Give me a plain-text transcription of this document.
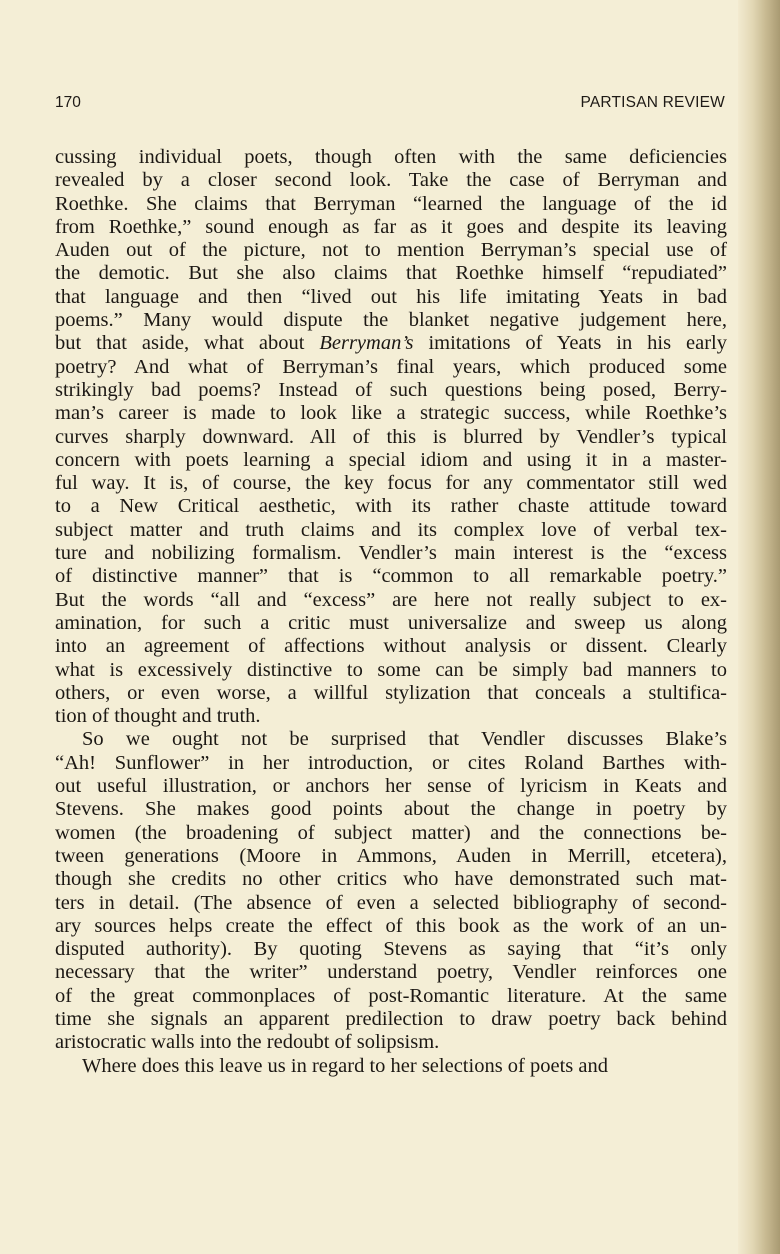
170	PARTISAN REVIEW
cussing individual poets, though often with the same deficiencies
revealed by a closer second look. Take the case of Berryman and
Roethke. She claims that Berryman “learned the language of the id
from Roethke,” sound enough as far as it goes and despite its leaving
Auden out of the picture, not to mention Berryman’s special use of
the demotic. But she also claims that Roethke himself “repudiated”
that language and then “lived out his life imitating Yeats in bad
poems.” Many would dispute the blanket negative judgement here,
but that aside, what about Berryman’s imitations of Yeats in his early
poetry? And what of Berryman’s final years, which produced some
strikingly bad poems? Instead of such questions being posed, Berry-
man’s career is made to look like a strategic success, while Roethke’s
curves sharply downward. All of this is blurred by Vendler’s typical
concern with poets learning a special idiom and using it in a master-
ful way. It is, of course, the key focus for any commentator still wed
to a New Critical aesthetic, with its rather chaste attitude toward
subject matter and truth claims and its complex love of verbal tex-
ture and nobilizing formalism. Vendler’s main interest is the “excess
of distinctive manner” that is “common to all remarkable poetry.”
But the words “all and “excess” are here not really subject to ex-
amination, for such a critic must universalize and sweep us along
into an agreement of affections without analysis or dissent. Clearly
what is excessively distinctive to some can be simply bad manners to
others, or even worse, a willful stylization that conceals a stultifica-
tion of thought and truth.
So we ought not be surprised that Vendler discusses Blake’s
“Ah! Sunflower” in her introduction, or cites Roland Barthes with-
out useful illustration, or anchors her sense of lyricism in Keats and
Stevens. She makes good points about the change in poetry by
women (the broadening of subject matter) and the connections be-
tween generations (Moore in Ammons, Auden in Merrill, etcetera),
though she credits no other critics who have demonstrated such mat-
ters in detail. (The absence of even a selected bibliography of second-
ary sources helps create the effect of this book as the work of an un-
disputed authority). By quoting Stevens as saying that “it’s only
necessary that the writer” understand poetry, Vendler reinforces one
of the great commonplaces of post-Romantic literature. At the same
time she signals an apparent predilection to draw poetry back behind
aristocratic walls into the redoubt of solipsism.
Where does this leave us in regard to her selections of poets and
